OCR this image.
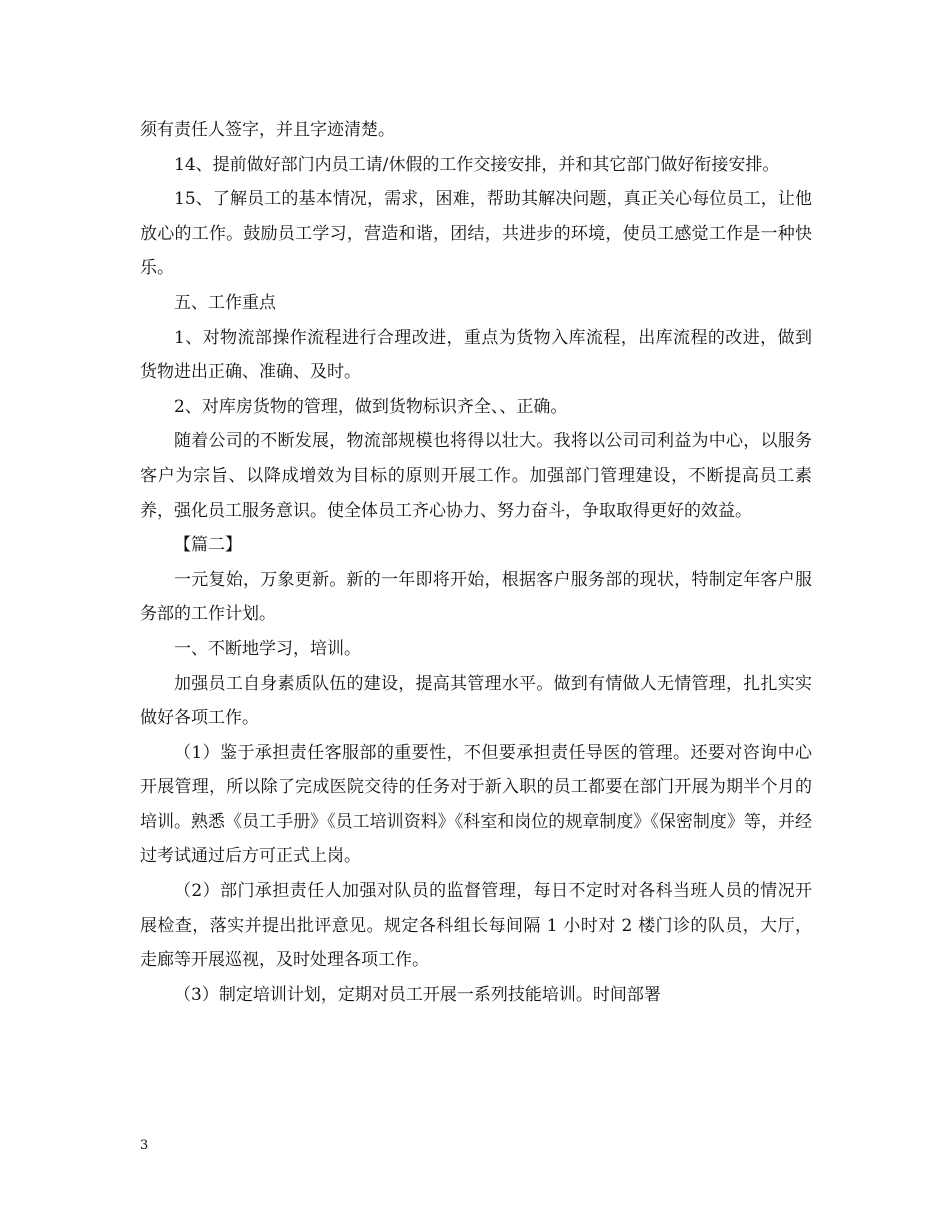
须有责任人签字，并且字迹清楚。

14、提前做好部门内员工请/休假的工作交接安排，并和其它部门做好衔接安排。

15、了解员工的基本情况，需求，困难，帮助其解决问题，真正关心每位员工，让他放心的工作。鼓励员工学习，营造和谐，团结，共进步的环境，使员工感觉工作是一种快乐。

五、工作重点

1、对物流部操作流程进行合理改进，重点为货物入库流程，出库流程的改进，做到货物进出正确、准确、及时。

2、对库房货物的管理，做到货物标识齐全、、正确。

随着公司的不断发展，物流部规模也将得以壮大。我将以公司司利益为中心，以服务客户为宗旨、以降成增效为目标的原则开展工作。加强部门管理建设，不断提高员工素养，强化员工服务意识。使全体员工齐心协力、努力奋斗，争取取得更好的效益。

【篇二】

一元复始，万象更新。新的一年即将开始，根据客户服务部的现状，特制定年客户服务部的工作计划。

一、不断地学习，培训。

加强员工自身素质队伍的建设，提高其管理水平。做到有情做人无情管理，扎扎实实做好各项工作。

（1）鉴于承担责任客服部的重要性，不但要承担责任导医的管理。还要对咨询中心开展管理，所以除了完成医院交待的任务对于新入职的员工都要在部门开展为期半个月的培训。熟悉《员工手册》《员工培训资料》《科室和岗位的规章制度》《保密制度》等，并经过考试通过后方可正式上岗。

（2）部门承担责任人加强对队员的监督管理，每日不定时对各科当班人员的情况开展检查，落实并提出批评意见。规定各科组长每间隔 1 小时对 2 楼门诊的队员，大厅，走廊等开展巡视，及时处理各项工作。

（3）制定培训计划，定期对员工开展一系列技能培训。时间部署

3
